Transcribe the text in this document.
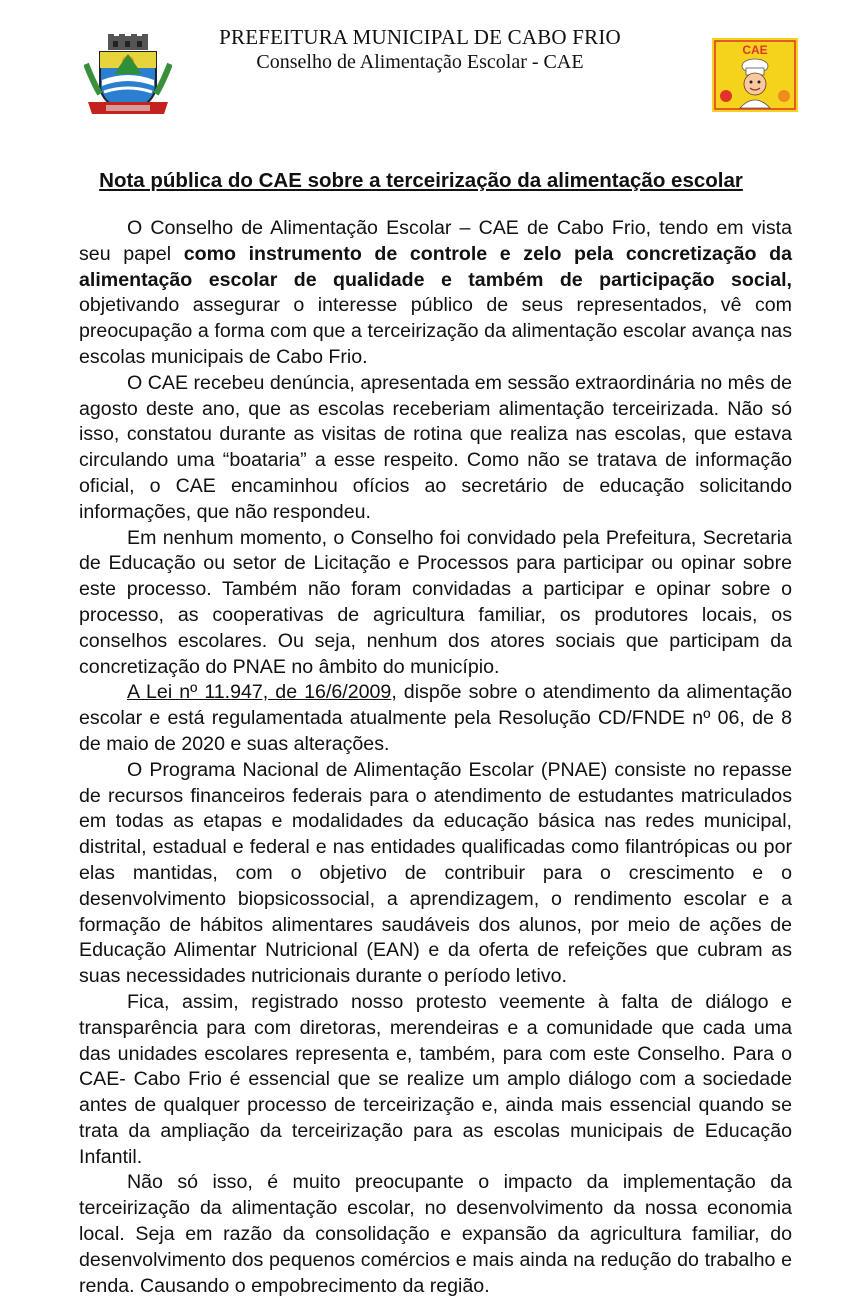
PREFEITURA MUNICIPAL DE CABO FRIO
Conselho de Alimentação Escolar - CAE
CAE
Nota pública do CAE sobre a terceirização da alimentação escolar

O Conselho de Alimentação Escolar – CAE de Cabo Frio, tendo em vista seu papel como instrumento de controle e zelo pela concretização da alimentação escolar de qualidade e também de participação social, objetivando assegurar o interesse público de seus representados, vê com preocupação a forma com que a terceirização da alimentação escolar avança nas escolas municipais de Cabo Frio.

O CAE recebeu denúncia, apresentada em sessão extraordinária no mês de agosto deste ano, que as escolas receberiam alimentação terceirizada. Não só isso, constatou durante as visitas de rotina que realiza nas escolas, que estava circulando uma “boataria” a esse respeito. Como não se tratava de informação oficial, o CAE encaminhou ofícios ao secretário de educação solicitando informações, que não respondeu.

Em nenhum momento, o Conselho foi convidado pela Prefeitura, Secretaria de Educação ou setor de Licitação e Processos para participar ou opinar sobre este processo. Também não foram convidadas a participar e opinar sobre o processo, as cooperativas de agricultura familiar, os produtores locais, os conselhos escolares. Ou seja, nenhum dos atores sociais que participam da concretização do PNAE no âmbito do município.

A Lei nº 11.947, de 16/6/2009, dispõe sobre o atendimento da alimentação escolar e está regulamentada atualmente pela Resolução CD/FNDE nº 06, de 8 de maio de 2020 e suas alterações.

O Programa Nacional de Alimentação Escolar (PNAE) consiste no repasse de recursos financeiros federais para o atendimento de estudantes matriculados em todas as etapas e modalidades da educação básica nas redes municipal, distrital, estadual e federal e nas entidades qualificadas como filantrópicas ou por elas mantidas, com o objetivo de contribuir para o crescimento e o desenvolvimento biopsicossocial, a aprendizagem, o rendimento escolar e a formação de hábitos alimentares saudáveis dos alunos, por meio de ações de Educação Alimentar Nutricional (EAN) e da oferta de refeições que cubram as suas necessidades nutricionais durante o período letivo.

Fica, assim, registrado nosso protesto veemente à falta de diálogo e transparência para com diretoras, merendeiras e a comunidade que cada uma das unidades escolares representa e, também, para com este Conselho. Para o CAE- Cabo Frio é essencial que se realize um amplo diálogo com a sociedade antes de qualquer processo de terceirização e, ainda mais essencial quando se trata da ampliação da terceirização para as escolas municipais de Educação Infantil.

Não só isso, é muito preocupante o impacto da implementação da terceirização da alimentação escolar, no desenvolvimento da nossa economia local. Seja em razão da consolidação e expansão da agricultura familiar, do desenvolvimento dos pequenos comércios e mais ainda na redução do trabalho e renda. Causando o empobrecimento da região.
